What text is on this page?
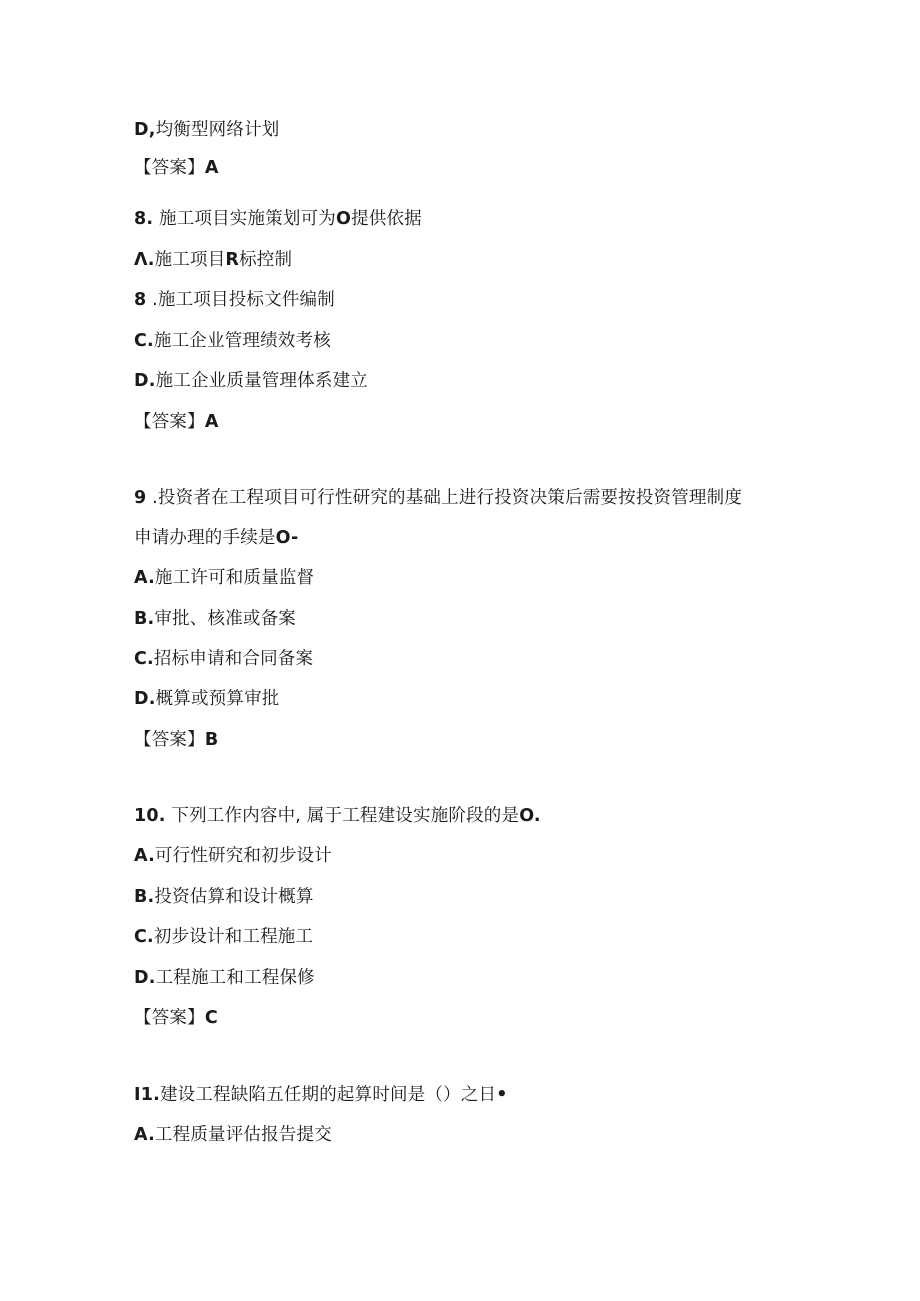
D,均衡型网络计划
【答案】A
8. 施工项目实施策划可为O提供依据
Λ.施工项目R标控制
8 .施工项目投标文件编制
C.施工企业管理绩效考核
D.施工企业质量管理体系建立
【答案】A
9 .投资者在工程项目可行性研究的基础上进行投资决策后需要按投资管理制度
申请办理的手续是O-
A.施工许可和质量监督
B.审批、核准或备案
C.招标申请和合同备案
D.概算或预算审批
【答案】B
10. 下列工作内容中, 属于工程建设实施阶段的是O.
A.可行性研究和初步设计
B.投资估算和设计概算
C.初步设计和工程施工
D.工程施工和工程保修
【答案】C
I1.建设工程缺陷五任期的起算时间是（）之日•
A.工程质量评估报告提交
